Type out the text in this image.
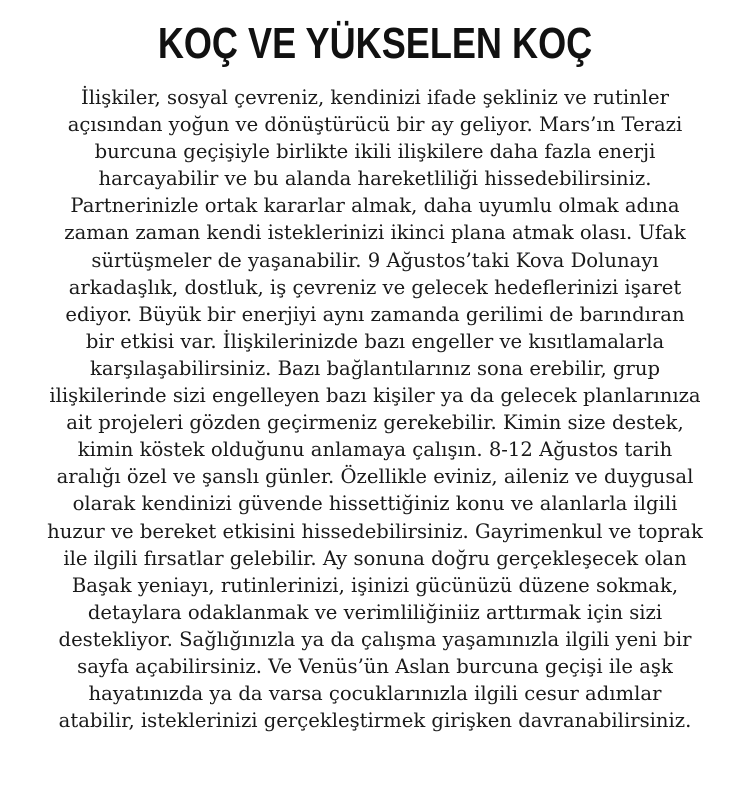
KOÇ VE YÜKSELEN KOÇ
İlişkiler, sosyal çevreniz, kendinizi ifade şekliniz ve rutinler
açısından yoğun ve dönüştürücü bir ay geliyor. Mars’ın Terazi
burcuna geçişiyle birlikte ikili ilişkilere daha fazla enerji
harcayabilir ve bu alanda hareketliliği hissedebilirsiniz.
Partnerinizle ortak kararlar almak, daha uyumlu olmak adına
zaman zaman kendi isteklerinizi ikinci plana atmak olası. Ufak
sürtüşmeler de yaşanabilir. 9 Ağustos’taki Kova Dolunayı
arkadaşlık, dostluk, iş çevreniz ve gelecek hedeflerinizi işaret
ediyor. Büyük bir enerjiyi aynı zamanda gerilimi de barındıran
bir etkisi var. İlişkilerinizde bazı engeller ve kısıtlamalarla
karşılaşabilirsiniz. Bazı bağlantılarınız sona erebilir, grup
ilişkilerinde sizi engelleyen bazı kişiler ya da gelecek planlarınıza
ait projeleri gözden geçirmeniz gerekebilir. Kimin size destek,
kimin köstek olduğunu anlamaya çalışın. 8-12 Ağustos tarih
aralığı özel ve şanslı günler. Özellikle eviniz, aileniz ve duygusal
olarak kendinizi güvende hissettiğiniz konu ve alanlarla ilgili
huzur ve bereket etkisini hissedebilirsiniz. Gayrimenkul ve toprak
ile ilgili fırsatlar gelebilir. Ay sonuna doğru gerçekleşecek olan
Başak yeniayı, rutinlerinizi, işinizi gücünüzü düzene sokmak,
detaylara odaklanmak ve verimliliğiniiz arttırmak için sizi
destekliyor. Sağlığınızla ya da çalışma yaşamınızla ilgili yeni bir
sayfa açabilirsiniz. Ve Venüs’ün Aslan burcuna geçişi ile aşk
hayatınızda ya da varsa çocuklarınızla ilgili cesur adımlar
atabilir, isteklerinizi gerçekleştirmek girişken davranabilirsiniz.
